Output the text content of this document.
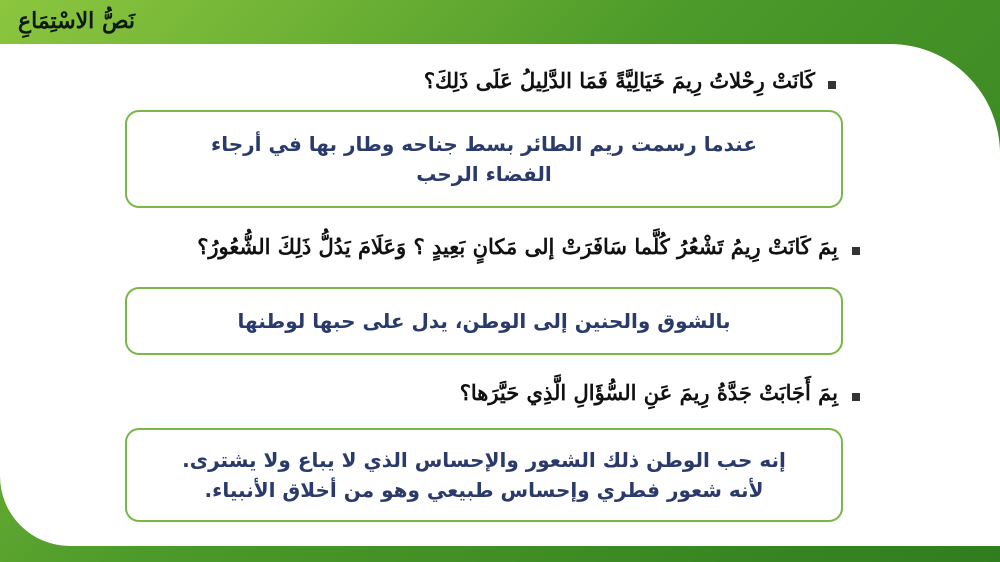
نَصُّ الاسْتِمَاعِ
كَانَتْ رِحْلاتُ رِيمَ خَيَالِيَّةً فَمَا الدَّلِيلُ عَلَى ذَلِكَ؟
عندما رسمت ريم الطائر بسط جناحه وطار بها في أرجاء
الفضاء الرحب
بِمَ كَانَتْ رِيمُ تَشْعُرُ كُلَّما سَافَرَتْ إلى مَكانٍ بَعِيدٍ ؟ وَعَلَامَ يَدُلُّ ذَلِكَ الشُّعُورُ؟
بالشوق والحنين إلى الوطن، يدل على حبها لوطنها
بِمَ أَجَابَتْ جَدَّةُ رِيمَ عَنِ السُّؤَالِ الَّذِي حَيَّرَها؟
إنه حب الوطن ذلك الشعور والإحساس الذي لا يباع ولا يشترى.
لأنه شعور فطري وإحساس طبيعي وهو من أخلاق الأنبياء.
